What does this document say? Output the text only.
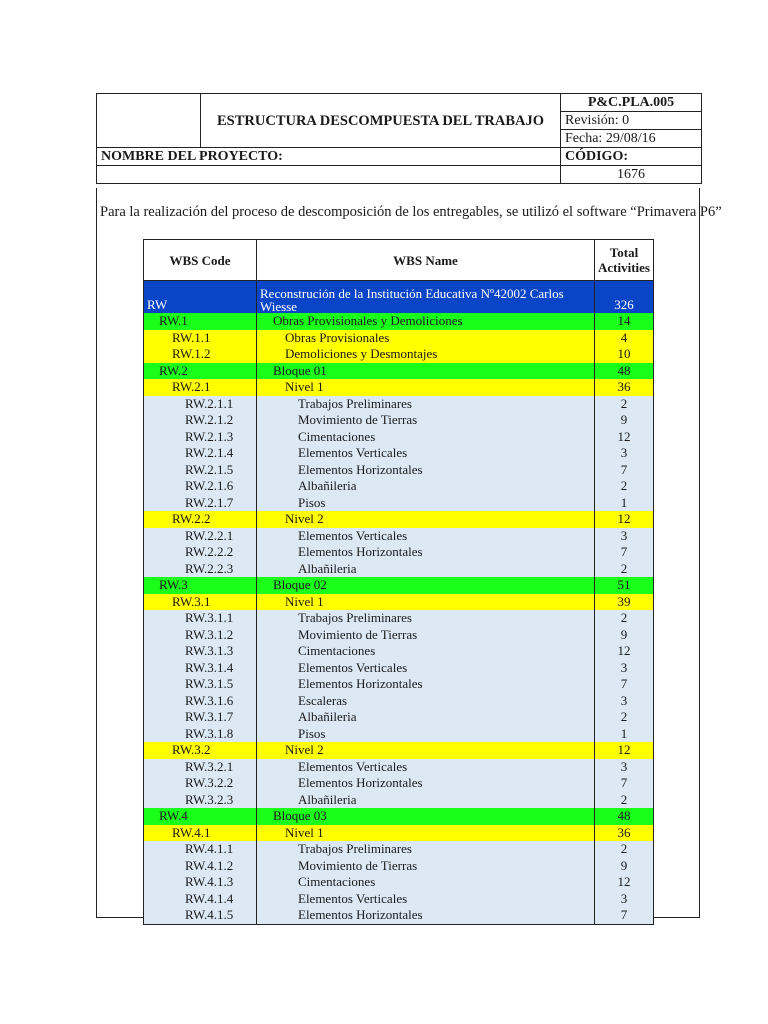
	ESTRUCTURA DESCOMPUESTA DEL TRABAJO	P&C.PLA.005
		Revisión: 0
		Fecha: 29/08/16
NOMBRE DEL PROYECTO:		CÓDIGO:
		1676
Para la realización del proceso de descomposición de los entregables, se utilizó el software “Primavera P6”
WBS Code	WBS Name	Total Activities
RW	Reconstrución de la Institución Educativa Nº42002 Carlos Wiesse	326
RW.1	Obras Provisionales y Demoliciones	14
RW.1.1	Obras Provisionales	4
RW.1.2	Demoliciones y Desmontajes	10
RW.2	Bloque 01	48
RW.2.1	Nivel 1	36
RW.2.1.1	Trabajos Preliminares	2
RW.2.1.2	Movimiento de Tierras	9
RW.2.1.3	Cimentaciones	12
RW.2.1.4	Elementos Verticales	3
RW.2.1.5	Elementos Horizontales	7
RW.2.1.6	Albañileria	2
RW.2.1.7	Pisos	1
RW.2.2	Nivel 2	12
RW.2.2.1	Elementos Verticales	3
RW.2.2.2	Elementos Horizontales	7
RW.2.2.3	Albañileria	2
RW.3	Bloque 02	51
RW.3.1	Nivel 1	39
RW.3.1.1	Trabajos Preliminares	2
RW.3.1.2	Movimiento de Tierras	9
RW.3.1.3	Cimentaciones	12
RW.3.1.4	Elementos Verticales	3
RW.3.1.5	Elementos Horizontales	7
RW.3.1.6	Escaleras	3
RW.3.1.7	Albañileria	2
RW.3.1.8	Pisos	1
RW.3.2	Nivel 2	12
RW.3.2.1	Elementos Verticales	3
RW.3.2.2	Elementos Horizontales	7
RW.3.2.3	Albañileria	2
RW.4	Bloque 03	48
RW.4.1	Nivel 1	36
RW.4.1.1	Trabajos Preliminares	2
RW.4.1.2	Movimiento de Tierras	9
RW.4.1.3	Cimentaciones	12
RW.4.1.4	Elementos Verticales	3
RW.4.1.5	Elementos Horizontales	7
